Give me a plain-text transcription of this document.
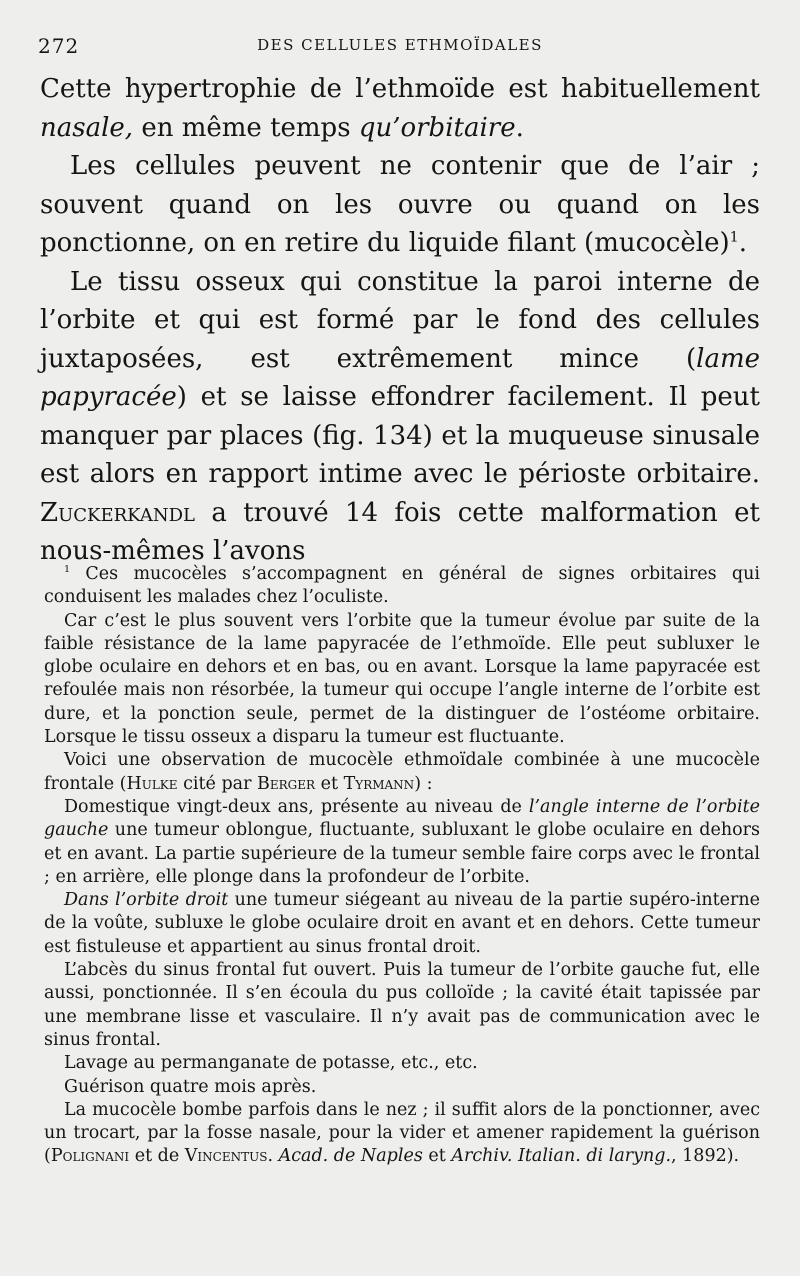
272	DES CELLULES ETHMOÏDALES

Cette hypertrophie de l’ethmoïde est habituellement nasale, en même temps qu’orbitaire.

Les cellules peuvent ne contenir que de l’air ; souvent quand on les ouvre ou quand on les ponctionne, on en retire du liquide filant (mucocèle)$^1$.

Le tissu osseux qui constitue la paroi interne de l’orbite et qui est formé par le fond des cellules juxtaposées, est extrêmement mince (lame papyracée) et se laisse effondrer facilement. Il peut manquer par places (fig. 134) et la muqueuse sinusale est alors en rapport intime avec le périoste orbitaire. Zuckerkandl a trouvé 14 fois cette malformation et nous-mêmes l’avons

$^1$ Ces mucocèles s’accompagnent en général de signes orbitaires qui conduisent les malades chez l’oculiste.

Car c’est le plus souvent vers l’orbite que la tumeur évolue par suite de la faible résistance de la lame papyracée de l’ethmoïde. Elle peut subluxer le globe oculaire en dehors et en bas, ou en avant. Lorsque la lame papyracée est refoulée mais non résorbée, la tumeur qui occupe l’angle interne de l’orbite est dure, et la ponction seule, permet de la distinguer de l’ostéome orbitaire. Lorsque le tissu osseux a disparu la tumeur est fluctuante.

Voici une observation de mucocèle ethmoïdale combinée à une mucocèle frontale (Hulke cité par Berger et Tyrmann) :

Domestique vingt-deux ans, présente au niveau de l’angle interne de l’orbite gauche une tumeur oblongue, fluctuante, subluxant le globe oculaire en dehors et en avant. La partie supérieure de la tumeur semble faire corps avec le frontal ; en arrière, elle plonge dans la profondeur de l’orbite.

Dans l’orbite droit une tumeur siégeant au niveau de la partie supéro-interne de la voûte, subluxe le globe oculaire droit en avant et en dehors. Cette tumeur est fistuleuse et appartient au sinus frontal droit.

L’abcès du sinus frontal fut ouvert. Puis la tumeur de l’orbite gauche fut, elle aussi, ponctionnée. Il s’en écoula du pus colloïde ; la cavité était tapissée par une membrane lisse et vasculaire. Il n’y avait pas de communication avec le sinus frontal.

Lavage au permanganate de potasse, etc., etc.

Guérison quatre mois après.

La mucocèle bombe parfois dans le nez ; il suffit alors de la ponctionner, avec un trocart, par la fosse nasale, pour la vider et amener rapidement la guérison (Polignani et de Vincentus. Acad. de Naples et Archiv. Italian. di laryng., 1892).
